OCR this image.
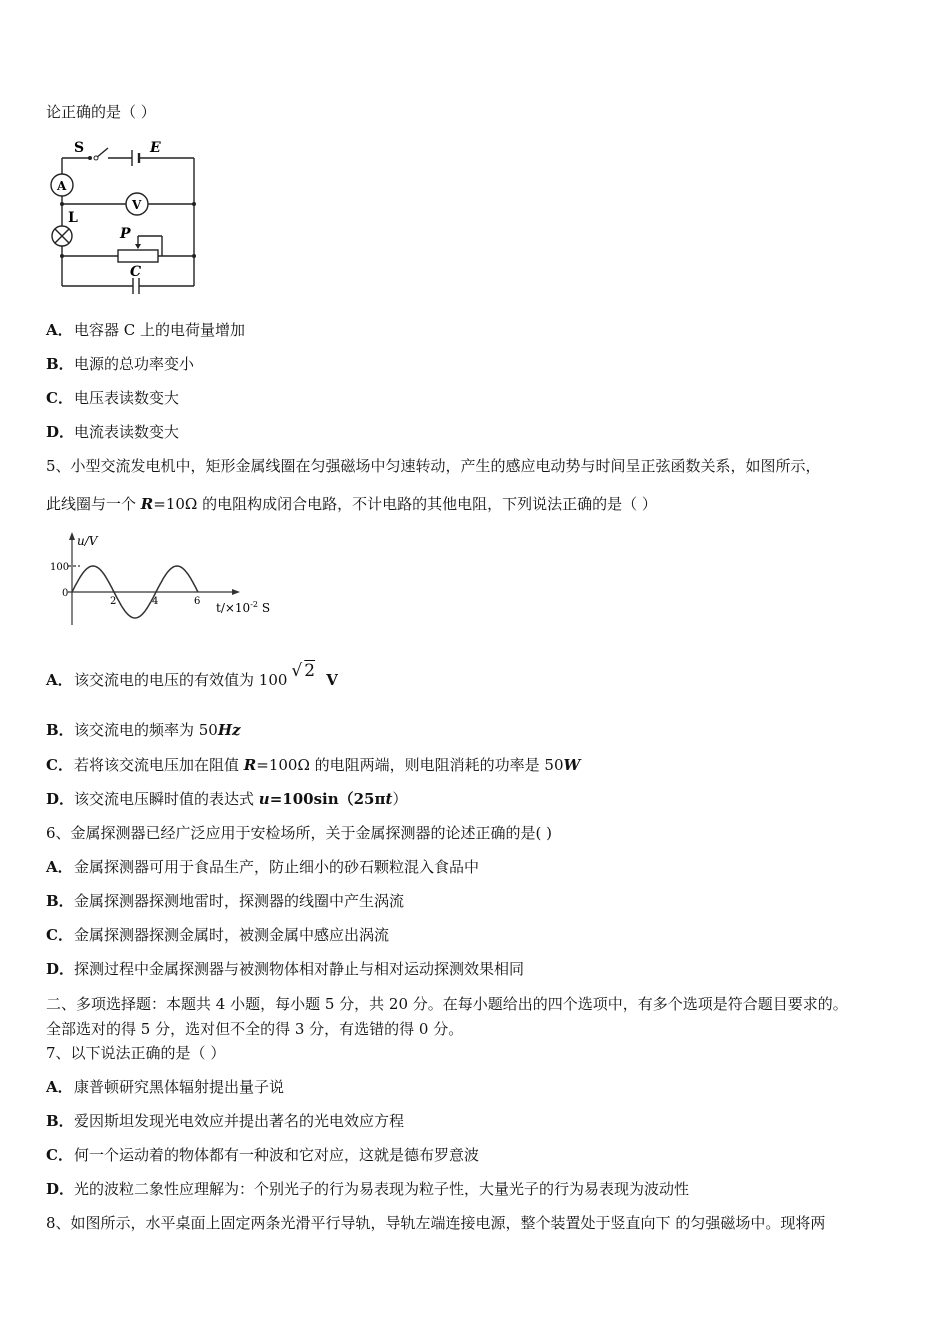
论正确的是（ ）
S	E
A
V
L
P
C
A．电容器 C 上的电荷量增加
B．电源的总功率变小
C．电压表读数变大
D．电流表读数变大
5、小型交流发电机中，矩形金属线圈在匀强磁场中匀速转动，产生的感应电动势与时间呈正弦函数关系，如图所示，
此线圈与一个 R=10Ω 的电阻构成闭合电路，不计电路的其他电阻，下列说法正确的是（ ）
u/V
100
0
2	4	6 $t/\times 10^{-2}$ S
A．该交流电的电压的有效值为 100 √ 2 V
B．该交流电的频率为 50Hz
C．若将该交流电压加在阻值 R=100Ω 的电阻两端，则电阻消耗的功率是 50W
D．该交流电压瞬时值的表达式 u=100sin（25πt）
6、金属探测器已经广泛应用于安检场所，关于金属探测器的论述正确的是( )
A．金属探测器可用于食品生产，防止细小的砂石颗粒混入食品中
B．金属探测器探测地雷时，探测器的线圈中产生涡流
C．金属探测器探测金属时，被测金属中感应出涡流
D．探测过程中金属探测器与被测物体相对静止与相对运动探测效果相同
二、多项选择题：本题共 4 小题，每小题 5 分，共 20 分。在每小题给出的四个选项中，有多个选项是符合题目要求的。
全部选对的得 5 分，选对但不全的得 3 分，有选错的得 0 分。
7、以下说法正确的是（ ）
A．康普顿研究黑体辐射提出量子说
B．爱因斯坦发现光电效应并提出著名的光电效应方程
C．何一个运动着的物体都有一种波和它对应，这就是德布罗意波
D．光的波粒二象性应理解为：个别光子的行为易表现为粒子性，大量光子的行为易表现为波动性
8、如图所示，水平桌面上固定两条光滑平行导轨，导轨左端连接电源，整个装置处于竖直向下 的匀强磁场中。现将两
